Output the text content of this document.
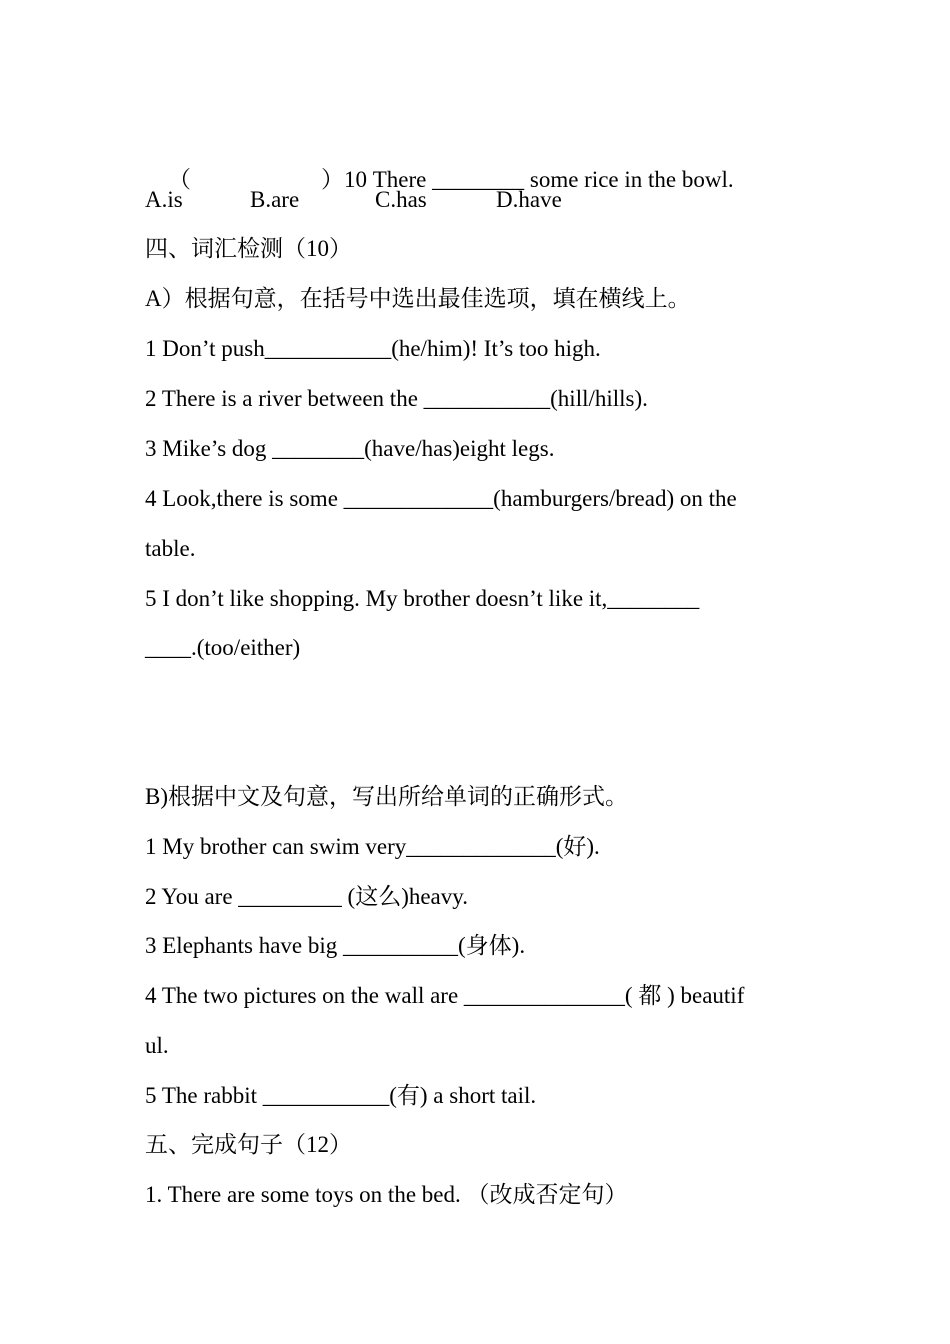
（	）10 There ________ some rice in the bowl.

A.is	B.are	C.has	D.have
四、词汇检测（10）
A）根据句意，在括号中选出最佳选项，填在横线上。
1 Don’t push___________(he/him)! It’s too high.
2 There is a river between the ___________(hill/hills).
3 Mike’s dog ________(have/has)eight legs.
4 Look,there is some _____________(hamburgers/bread) on the
table.
5 I don’t like shopping. My brother doesn’t like it,________
____.(too/either)
B)根据中文及句意，写出所给单词的正确形式。
1 My brother can swim very_____________(好).
2 You are _________ (这么)heavy.
3 Elephants have big __________(身体).
4 The two pictures on the wall are ______________( 都 ) beautif
ul.
5 The rabbit ___________(有) a short tail.
五、完成句子（12）
1. There are some toys on the bed. （改成否定句）
